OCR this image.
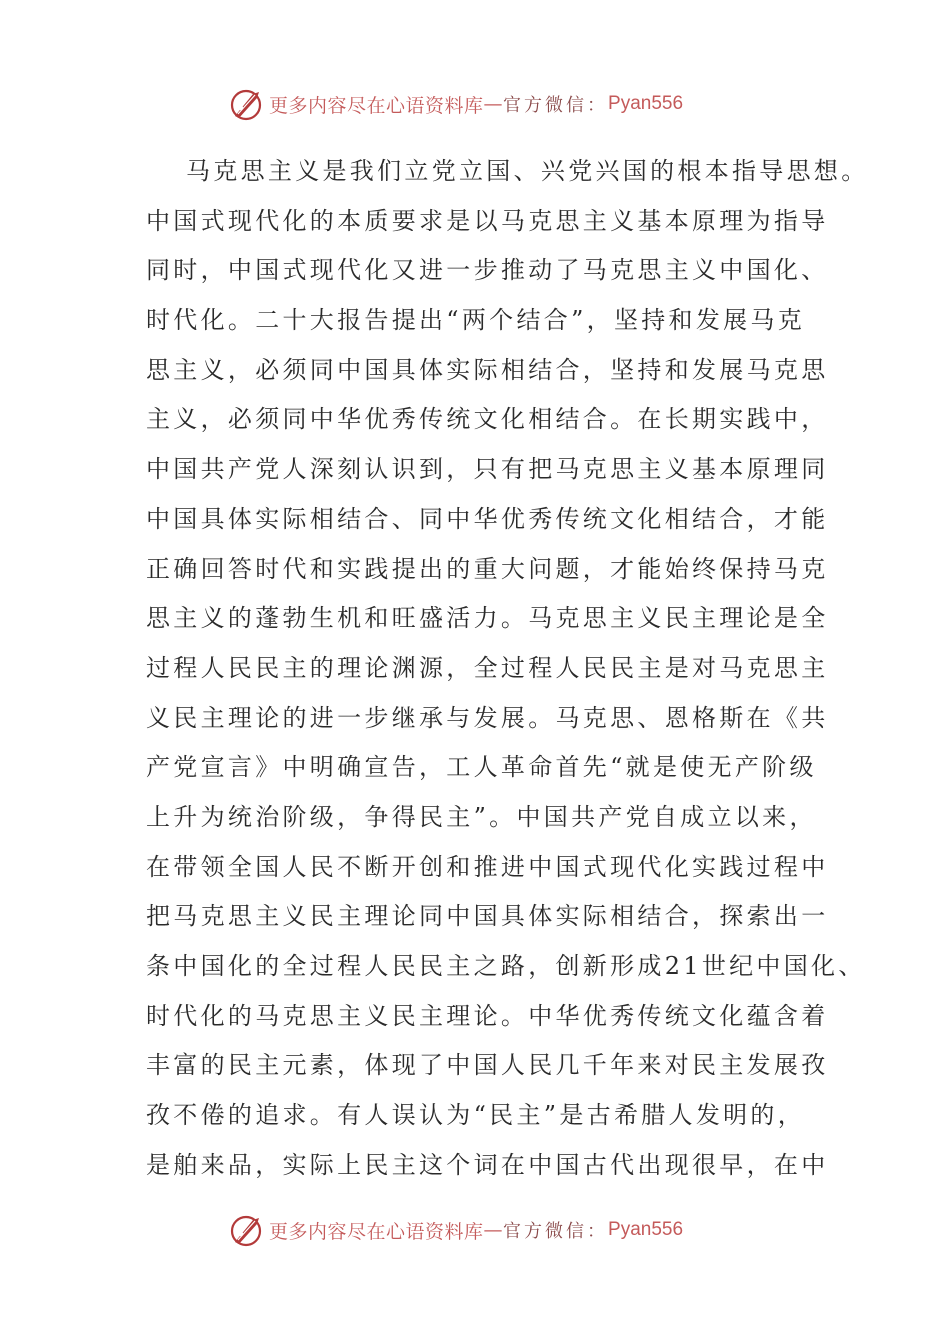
更多内容尽在心语资料库 — 官方微信： Pyan556
马克思主义是我们立党立国、兴党兴国的根本指导思想。
中国式现代化的本质要求是以马克思主义基本原理为指导
同时，中国式现代化又进一步推动了马克思主义中国化、
时代化。二十大报告提出“两个结合”，坚持和发展马克
思主义，必须同中国具体实际相结合，坚持和发展马克思
主义，必须同中华优秀传统文化相结合。在长期实践中，
中国共产党人深刻认识到，只有把马克思主义基本原理同
中国具体实际相结合、同中华优秀传统文化相结合，才能
正确回答时代和实践提出的重大问题，才能始终保持马克
思主义的蓬勃生机和旺盛活力。马克思主义民主理论是全
过程人民民主的理论渊源，全过程人民民主是对马克思主
义民主理论的进一步继承与发展。马克思、恩格斯在《共
产党宣言》中明确宣告，工人革命首先“就是使无产阶级
上升为统治阶级，争得民主”。中国共产党自成立以来，
在带领全国人民不断开创和推进中国式现代化实践过程中
把马克思主义民主理论同中国具体实际相结合，探索出一
条中国化的全过程人民民主之路，创新形成21世纪中国化、
时代化的马克思主义民主理论。中华优秀传统文化蕴含着
丰富的民主元素，体现了中国人民几千年来对民主发展孜
孜不倦的追求。有人误认为“民主”是古希腊人发明的，
是舶来品，实际上民主这个词在中国古代出现很早，在中
更多内容尽在心语资料库 — 官方微信： Pyan556
